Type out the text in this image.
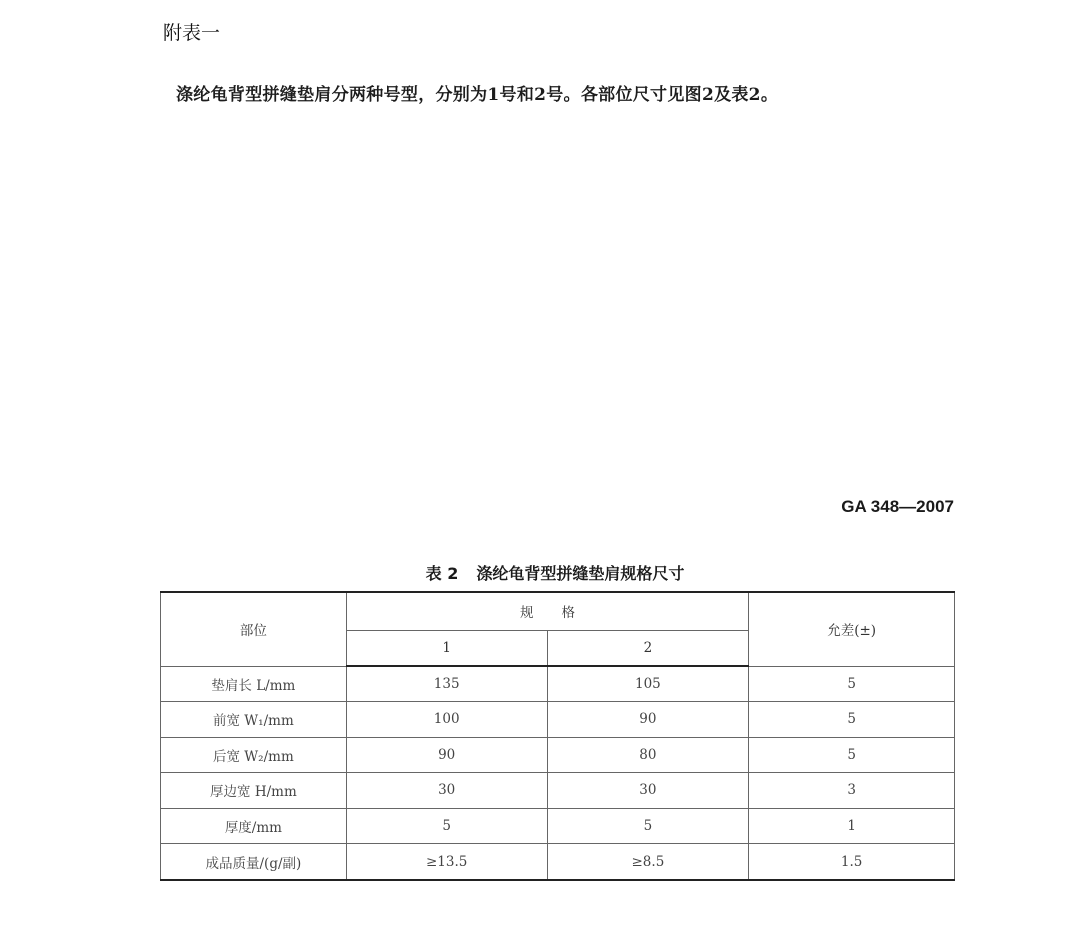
附表一
涤纶龟背型拼缝垫肩分两种号型，分别为1号和2号。各部位尺寸见图2及表2。
GA 348—2007
表 2 涤纶龟背型拼缝垫肩规格尺寸
部位	规格		允差(±)
	1	2	
垫肩长 L/mm	135	105	5
前宽 W₁/mm	100	90	5
后宽 W₂/mm	90	80	5
厚边宽 H/mm	30	30	3
厚度/mm	5	5	1
成品质量/(g/副)	≥13.5	≥8.5	1.5
